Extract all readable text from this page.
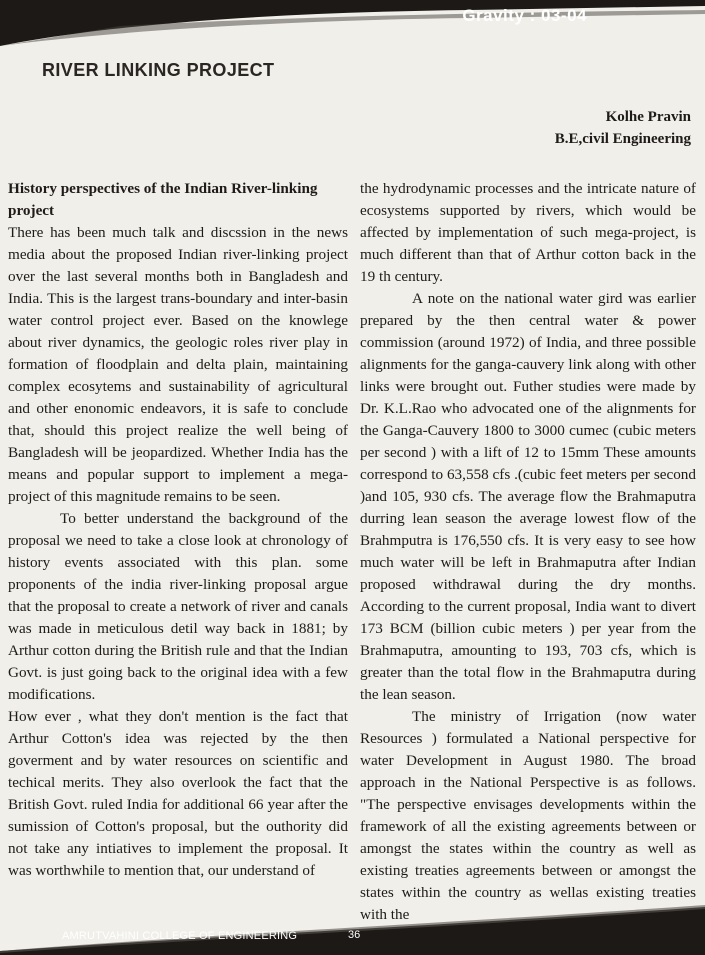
Gravity : 03-04
RIVER LINKING PROJECT
Kolhe Pravin
B.E,civil Engineering
History perspectives of the Indian River-linking project

There has been much talk and discssion in the news media about the proposed Indian river-linking project over the last several months both in Bangladesh and India. This is the largest trans-boundary and inter-basin water control project ever. Based on the knowlege about river dynamics, the geologic roles river play in formation of floodplain and delta plain, maintaining complex ecosytems and sustainability of agricultural and other enonomic endeavors, it is safe to conclude that, should this project realize the well being of Bangladesh will be jeopardized. Whether India has the means and popular support to implement a mega-project of this magnitude remains to be seen.

To better understand the background of the proposal we need to take a close look at chronology of history events associated with this plan. some proponents of the india river-linking proposal argue that the proposal to create a network of river and canals was made in meticulous detil way back in 1881; by Arthur cotton during the British rule and that the Indian Govt. is just going back to the original idea with a few modifications.

How ever , what they don't mention is the fact that Arthur Cotton's idea was rejected by the then goverment and by water resources on scientific and techical merits. They also overlook the fact that the British Govt. ruled India for additional 66 year after the sumission of Cotton's proposal, but the outhority did not take any intiatives to implement the proposal. It was worthwhile to mention that, our understand of

the hydrodynamic processes and the intricate nature of ecosystems supported by rivers, which would be affected by implementation of such mega-project, is much different than that of Arthur cotton back in the 19 th century.

A note on the national water gird was earlier prepared by the then central water & power commission (around 1972) of India, and three possible alignments for the ganga-cauvery link along with other links were brought out. Futher studies were made by Dr. K.L.Rao who advocated one of the alignments for the Ganga-Cauvery 1800 to 3000 cumec (cubic meters per second ) with a lift of 12 to 15mm These amounts correspond to 63,558 cfs .(cubic feet meters per second )and 105, 930 cfs. The average flow the Brahmaputra durring lean season the average lowest flow of the Brahmputra is 176,550 cfs. It is very easy to see how much water will be left in Brahmaputra after Indian proposed withdrawal during the dry months. According to the current proposal, India want to divert 173 BCM (billion cubic meters ) per year from the Brahmaputra, amounting to 193, 703 cfs, which is greater than the total flow in the Brahmaputra during the lean season.

The ministry of Irrigation (now water Resources ) formulated a National perspective for water Development in August 1980. The broad approach in the National Perspective is as follows. "The perspective envisages developments within the framework of all the existing agreements between or amongst the states within the country as well as existing treaties agreements between or amongst the states within the country as wellas existing treaties with the

AMRUTVAHINI COLLEGE OF ENGINEERING	36
